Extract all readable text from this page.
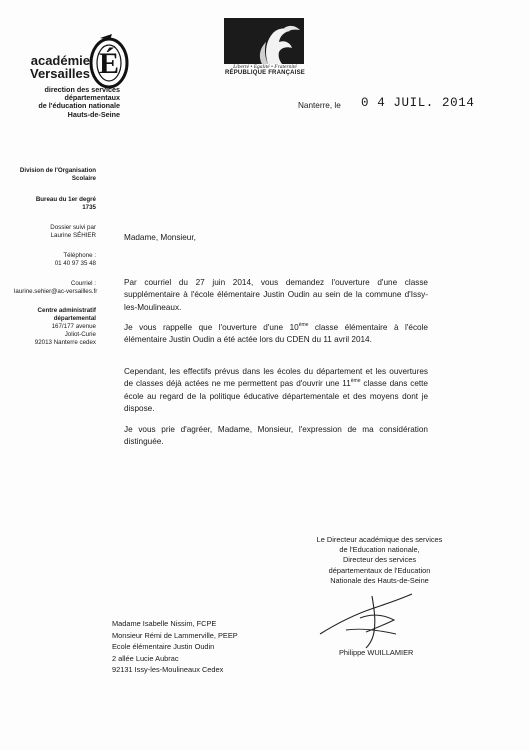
É
académie
Versailles
direction des services
départementaux
de l'éducation nationale
Hauts-de-Seine
Liberté • Égalité • Fraternité
RÉPUBLIQUE FRANÇAISE
Nanterre, le 0 4 JUIL. 2014
Division de l'Organisation
Scolaire
Bureau du 1er degré
1735
Dossier suivi par
Laurine SÉHIER
Téléphone :
01 40 97 35 48
Courriel :
laurine.sehier@ac-versailles.fr
Centre administratif
départemental
167/177 avenue
Joliot-Curie
92013 Nanterre cedex
Madame, Monsieur,
Par courriel du 27 juin 2014, vous demandez l'ouverture d'une classe supplémentaire à l'école élémentaire Justin Oudin au sein de la commune d'Issy-les-Moulineaux.
Je vous rappelle que l'ouverture d'une 10ème classe élémentaire à l'école élémentaire Justin Oudin a été actée lors du CDEN du 11 avril 2014.
Cependant, les effectifs prévus dans les écoles du département et les ouvertures de classes déjà actées ne me permettent pas d'ouvrir une 11ème classe dans cette école au regard de la politique éducative départementale et des moyens dont je dispose.
Je vous prie d'agréer, Madame, Monsieur, l'expression de ma considération distinguée.
Le Directeur académique des services
de l'Education nationale,
Directeur des services
départementaux de l'Education
Nationale des Hauts-de-Seine
Philippe WUILLAMIER
Madame Isabelle Nissim, FCPE
Monsieur Rémi de Lammerville, PEEP
Ecole élémentaire Justin Oudin
2 allée Lucie Aubrac
92131 Issy-les-Moulineaux Cedex
